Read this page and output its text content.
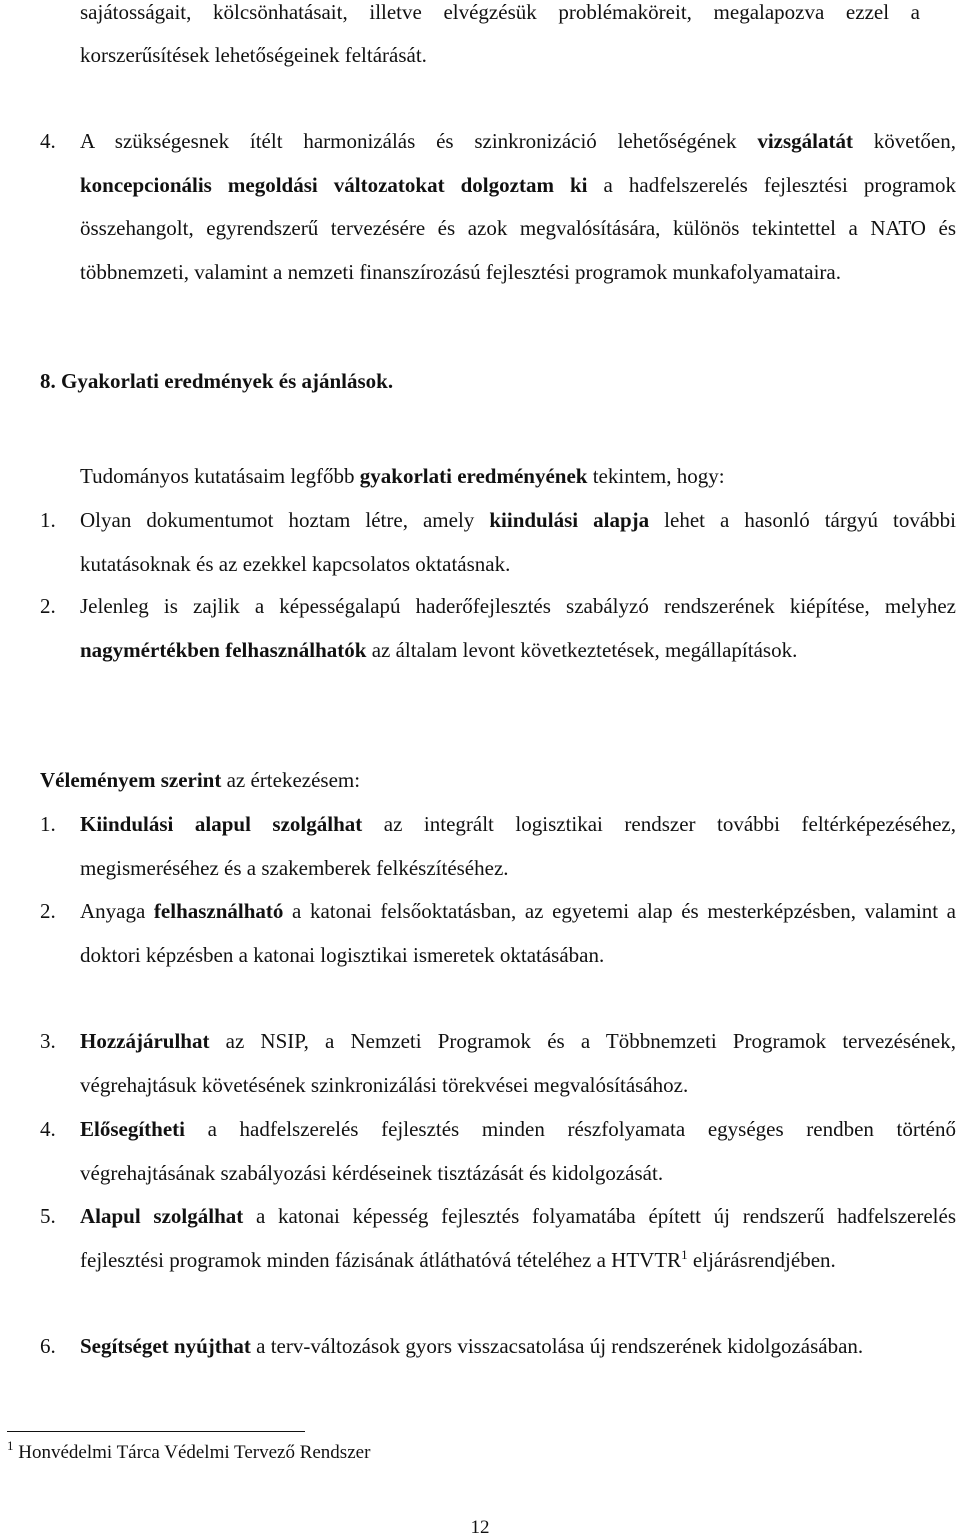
sajátosságait, kölcsönhatásait, illetve elvégzésük problémaköreit, megalapozva ezzel a

korszerűsítések lehetőségeinek feltárását.

4. A szükségesnek ítélt harmonizálás és szinkronizáció lehetőségének vizsgálatát követően, koncepcionális megoldási változatokat dolgoztam ki a hadfelszerelés fejlesztési programok összehangolt, egyrendszerű tervezésére és azok megvalósítására, különös tekintettel a NATO és többnemzeti, valamint a nemzeti finanszírozású fejlesztési programok munkafolyamataira.

8. Gyakorlati eredmények és ajánlások.

Tudományos kutatásaim legfőbb gyakorlati eredményének tekintem, hogy:

1. Olyan dokumentumot hoztam létre, amely kiindulási alapja lehet a hasonló tárgyú további kutatásoknak és az ezekkel kapcsolatos oktatásnak.

2. Jelenleg is zajlik a képességalapú haderőfejlesztés szabályzó rendszerének kiépítése, melyhez nagymértékben felhasználhatók az általam levont következtetések, megállapítások.

Véleményem szerint az értekezésem:

1. Kiindulási alapul szolgálhat az integrált logisztikai rendszer további feltérképezéséhez, megismeréséhez és a szakemberek felkészítéséhez.

2. Anyaga felhasználható a katonai felsőoktatásban, az egyetemi alap és mesterképzésben, valamint a doktori képzésben a katonai logisztikai ismeretek oktatásában.

3. Hozzájárulhat az NSIP, a Nemzeti Programok és a Többnemzeti Programok tervezésének, végrehajtásuk követésének szinkronizálási törekvései megvalósításához.

4. Elősegítheti a hadfelszerelés fejlesztés minden részfolyamata egységes rendben történő végrehajtásának szabályozási kérdéseinek tisztázását és kidolgozását.

5. Alapul szolgálhat a katonai képesség fejlesztés folyamatába épített új rendszerű hadfelszerelés fejlesztési programok minden fázisának átláthatóvá tételéhez a HTVTR$^1$ eljárásrendjében.

6. Segítséget nyújthat a terv-változások gyors visszacsatolása új rendszerének kidolgozásában.

$^1$ Honvédelmi Tárca Védelmi Tervező Rendszer
12
